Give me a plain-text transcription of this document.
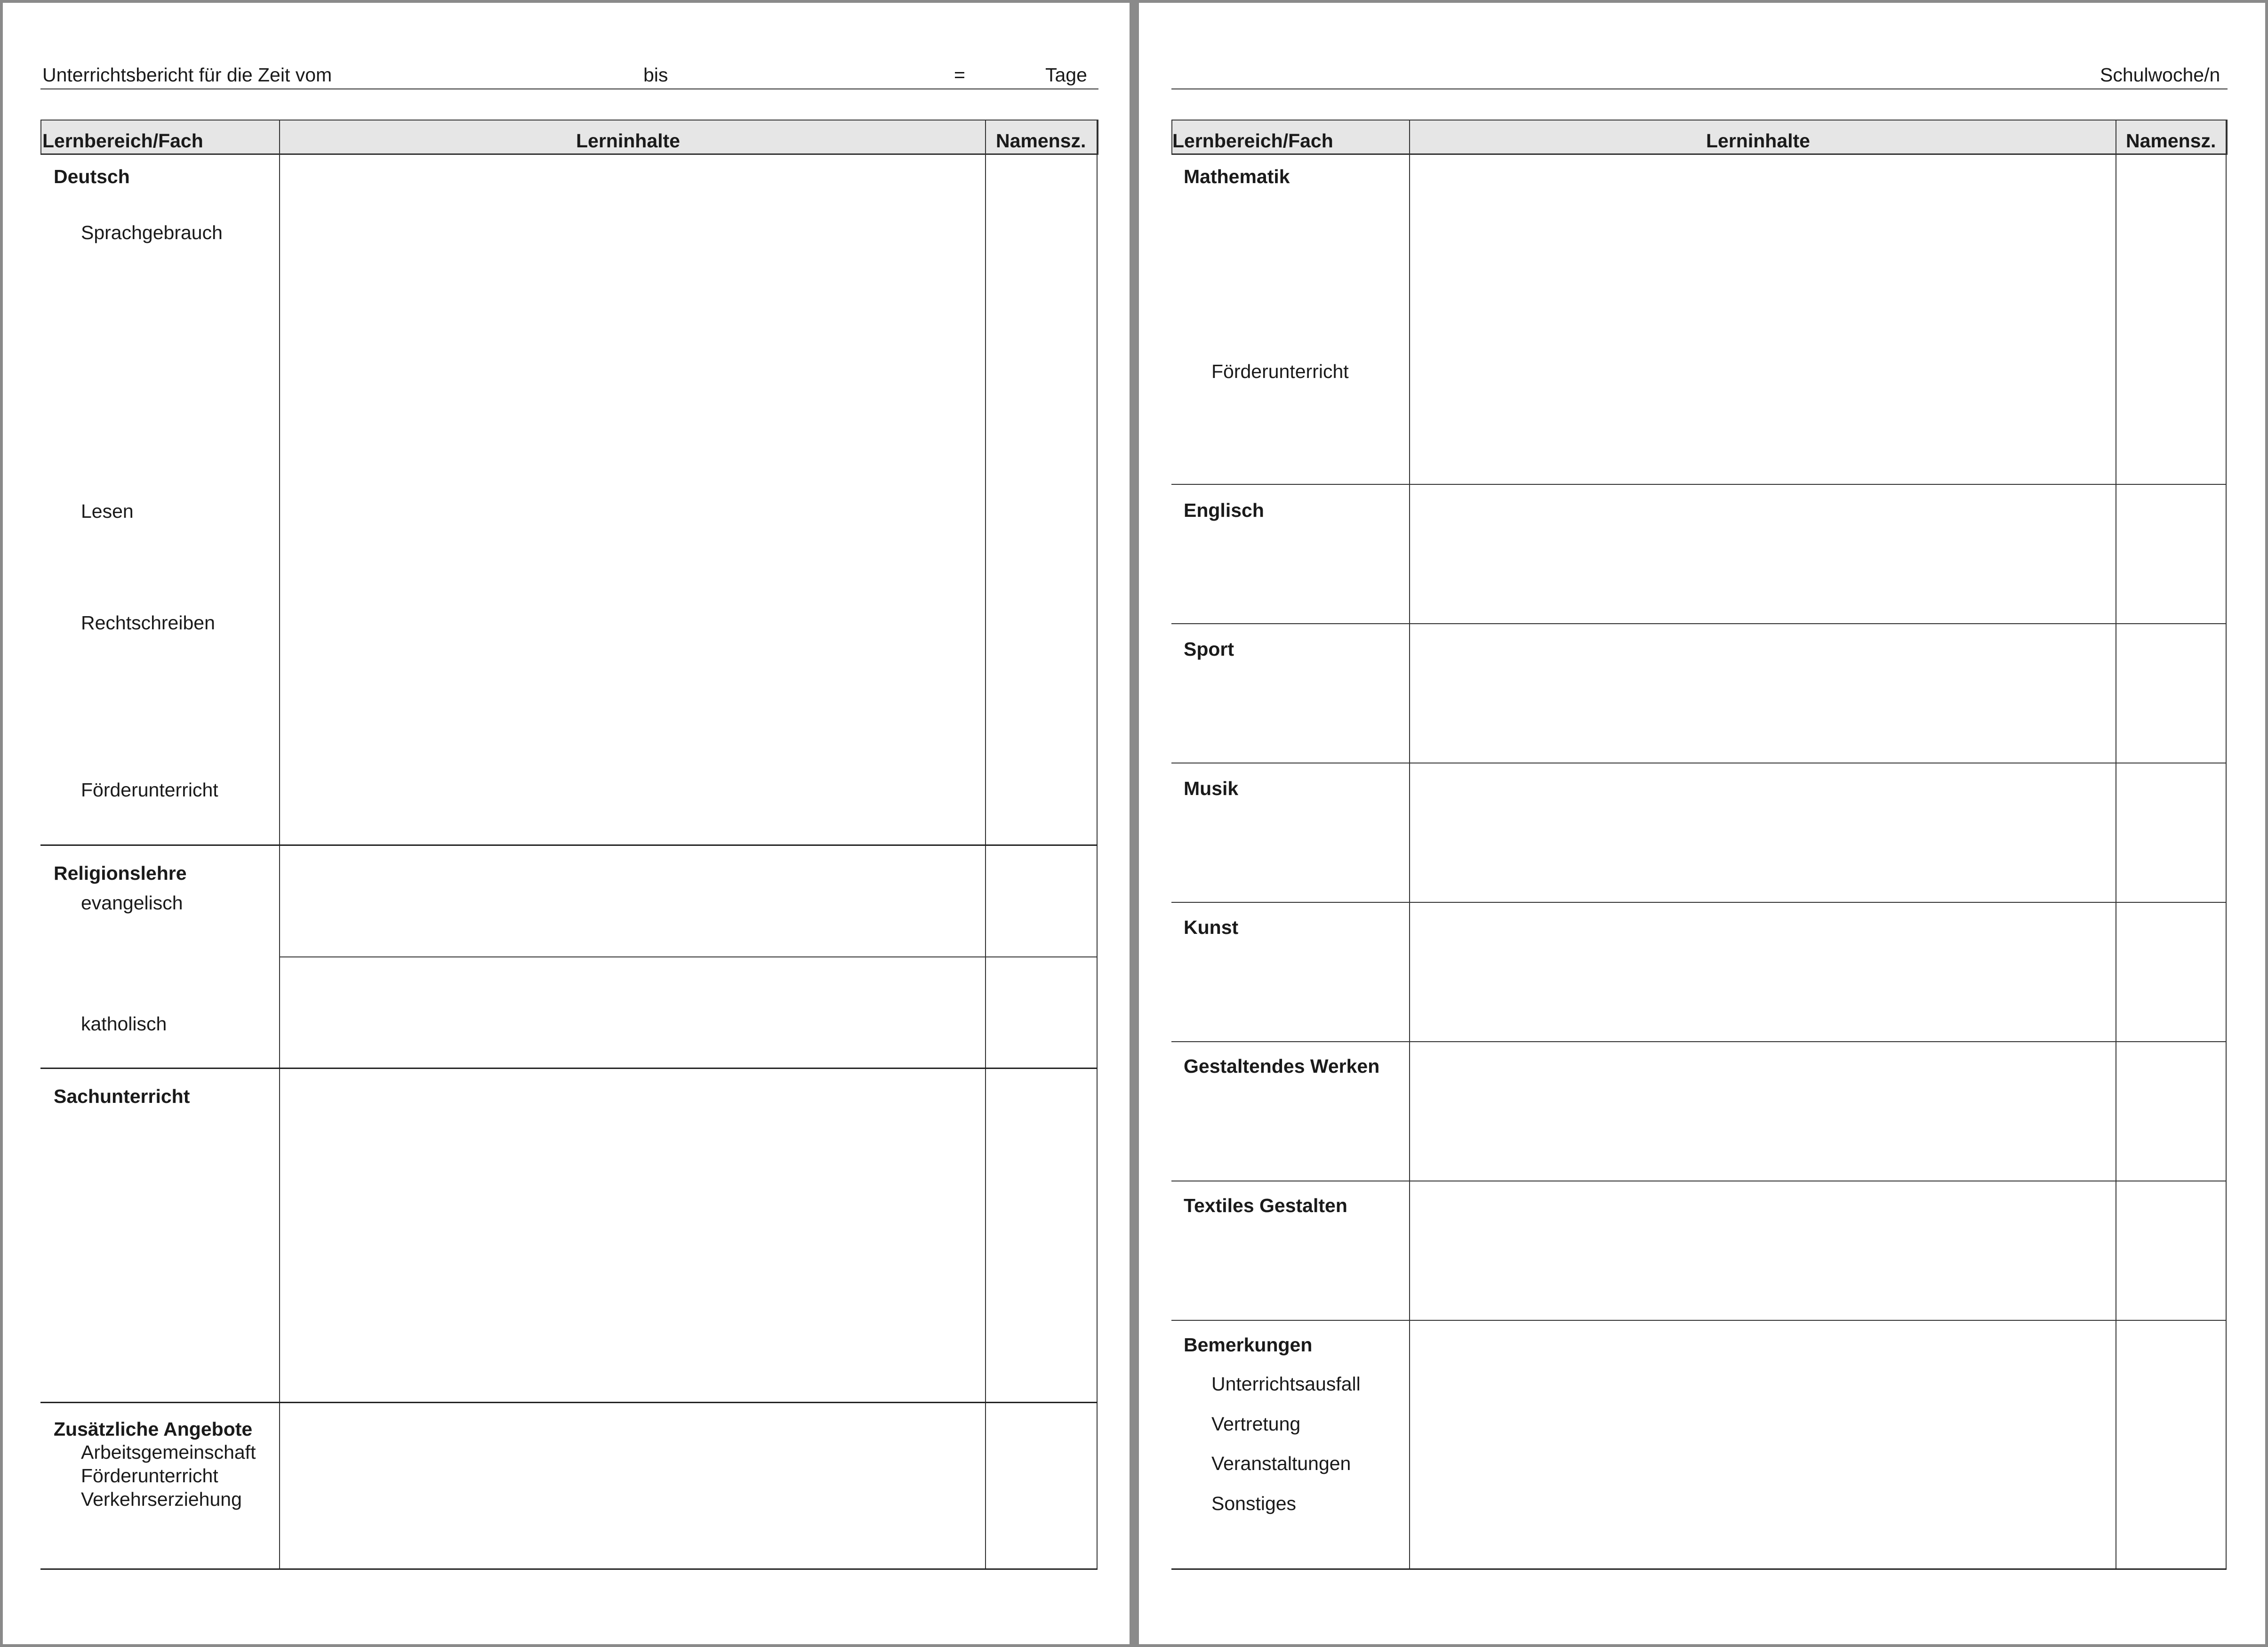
Unterrichtsbericht für die Zeit vom	bis	=	Tage
Lernbereich/Fach	Lerninhalte	Namensz.
Deutsch
Sprachgebrauch
Lesen
Rechtschreiben
Förderunterricht
Religionslehre
evangelisch
katholisch
Sachunterricht
Zusätzliche Angebote
Arbeitsgemeinschaft
Förderunterricht
Verkehrserziehung
Schulwoche/n
Lernbereich/Fach	Lerninhalte	Namensz.
Mathematik
Förderunterricht
Englisch
Sport
Musik
Kunst
Gestaltendes Werken
Textiles Gestalten
Bemerkungen
Unterrichtsausfall
Vertretung
Veranstaltungen
Sonstiges
